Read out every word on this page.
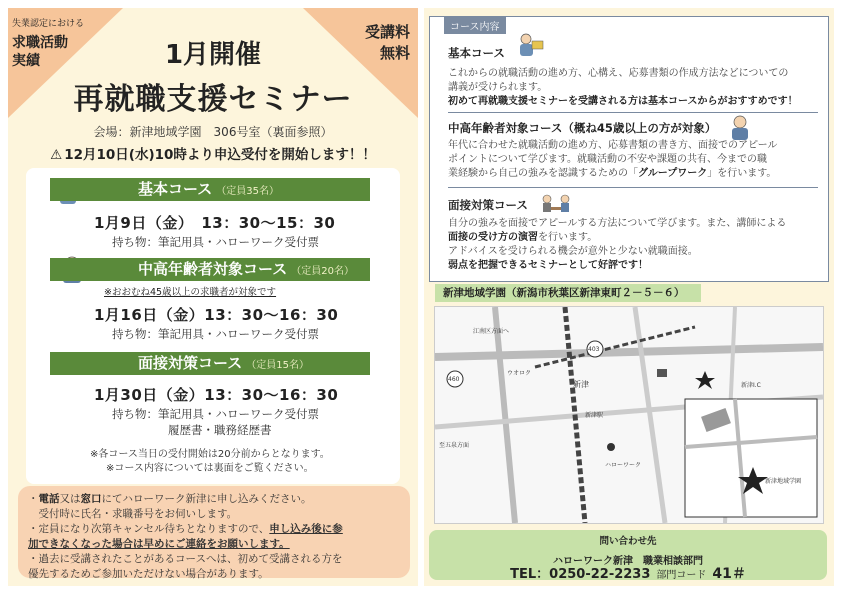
失業認定における
求職活動
実績
受講料
無料
1月開催
再就職支援セミナー
会場：新津地域学園　306号室（裏面参照）
⚠ 12月10日(水)10時より申込受付を開始します！！
基本コース （定員35名）
1月9日（金）　13：30〜15：30
持ち物：筆記用具・ハローワーク受付票
中高年齢者対象コース （定員20名）
※おおむね45歳以上の求職者が対象です
1月16日（金）13：30〜16：30
持ち物：筆記用具・ハローワーク受付票
面接対策コース （定員15名）
1月30日（金）13：30〜16：30
持ち物：筆記用具・ハローワーク受付票
履歴書・職務経歴書
※各コース当日の受付開始は20分前からとなります。
※コース内容については裏面をご覧ください。
・電話又は窓口にてハローワーク新津に申し込みください。
　受付時に氏名・求職番号をお伺いします。
・定員になり次第キャンセル待ちとなりますので、申し込み後に参
加できなくなった場合は早めにご連絡をお願いします。
・過去に受講されたことがあるコースへは、初めて受講される方を
優先するためご参加いただけない場合があります。
コース内容
基本コース
これからの就職活動の進め方、心構え、応募書類の作成方法などについての
講義が受けられます。
初めて再就職支援セミナーを受講される方は基本コースからがおすすめです！
中高年齢者対象コース（概ね45歳以上の方が対象）
年代に合わせた就職活動の進め方、応募書類の書き方、面接でのアピール
ポイントについて学びます。就職活動の不安や課題の共有、今までの職
業経験から自己の強みを認識するための「グループワーク」を行います。
面接対策コース
自分の強みを面接でアピールする方法について学びます。また、講師による
面接の受け方の演習を行います。
アドバイスを受けられる機会が意外と少ない就職面接。
弱点を把握できるセミナーとして好評です！
新津地域学園（新潟市秋葉区新津東町２－５－６）
江南区方面へ
新津
ウオロク
新津I.C
ハローワーク
新津地域学園
460
403
至五泉方面
新津駅
問い合わせ先
ハローワーク新津　職業相談部門
TEL：0250-22-2233 部門コード 41＃
